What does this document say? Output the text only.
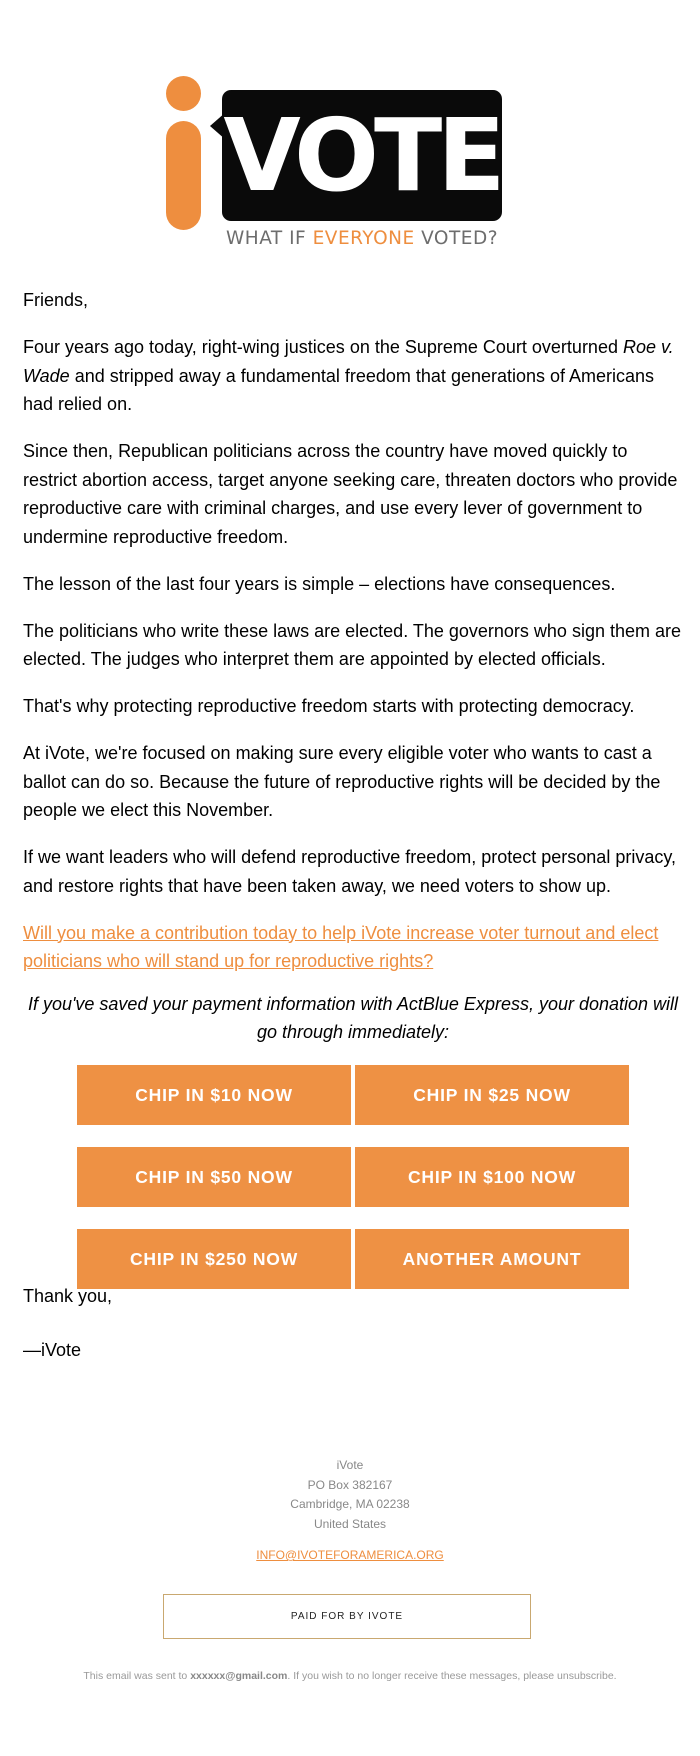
VOTE
WHAT IF EVERYONE VOTED?

Friends,

Four years ago today, right-wing justices on the Supreme Court overturned Roe v. Wade and stripped away a fundamental freedom that generations of Americans had relied on.

Since then, Republican politicians across the country have moved quickly to restrict abortion access, target anyone seeking care, threaten doctors who provide reproductive care with criminal charges, and use every lever of government to undermine reproductive freedom.

The lesson of the last four years is simple – elections have consequences.

The politicians who write these laws are elected. The governors who sign them are elected. The judges who interpret them are appointed by elected officials.

That's why protecting reproductive freedom starts with protecting democracy.

At iVote, we're focused on making sure every eligible voter who wants to cast a ballot can do so. Because the future of reproductive rights will be decided by the people we elect this November.

If we want leaders who will defend reproductive freedom, protect personal privacy, and restore rights that have been taken away, we need voters to show up.

Will you make a contribution today to help iVote increase voter turnout and elect politicians who will stand up for reproductive rights?

If you've saved your payment information with ActBlue Express, your donation will go through immediately:

CHIP IN $10 NOW	CHIP IN $25 NOW
CHIP IN $50 NOW	CHIP IN $100 NOW
CHIP IN $250 NOW	ANOTHER AMOUNT

Thank you,

—iVote

iVote
PO Box 382167
Cambridge, MA 02238
United States
INFO@IVOTEFORAMERICA.ORG
PAID FOR BY IVOTE
This email was sent to xxxxxx@gmail.com. If you wish to no longer receive these messages, please unsubscribe.
